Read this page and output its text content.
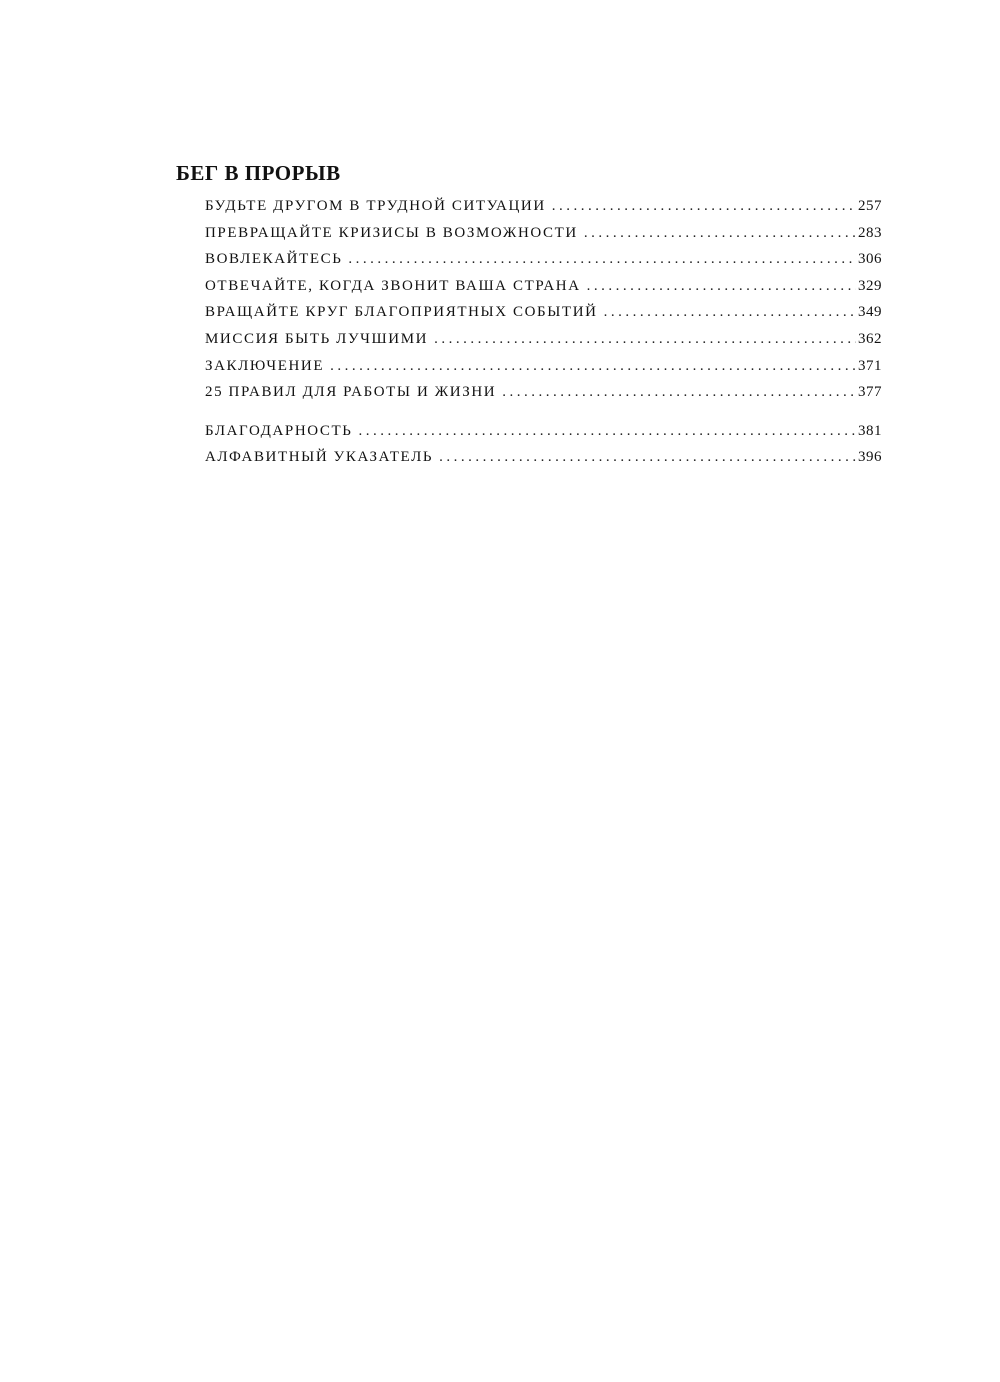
БЕГ В ПРОРЫВ
БУДЬТЕ ДРУГОМ В ТРУДНОЙ СИТУАЦИИ .....	257
ПРЕВРАЩАЙТЕ КРИЗИСЫ В ВОЗМОЖНОСТИ .....	283
ВОВЛЕКАЙТЕСЬ .....	306
ОТВЕЧАЙТЕ, КОГДА ЗВОНИТ ВАША СТРАНА .....	329
ВРАЩАЙТЕ КРУГ БЛАГОПРИЯТНЫХ СОБЫТИЙ .....	349
МИССИЯ БЫТЬ ЛУЧШИМИ .....	362
ЗАКЛЮЧЕНИЕ .....	371
25 ПРАВИЛ ДЛЯ РАБОТЫ И ЖИЗНИ .....	377
БЛАГОДАРНОСТЬ .....	381
АЛФАВИТНЫЙ УКАЗАТЕЛЬ .....	396
